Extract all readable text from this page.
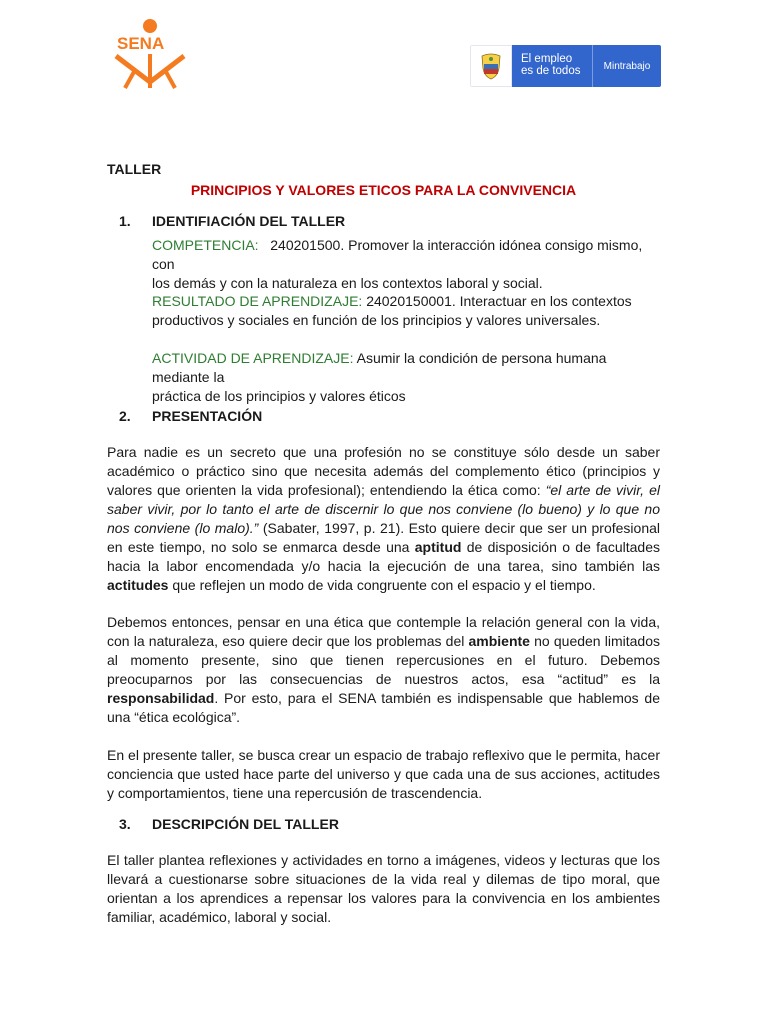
SENA
El empleo
es de todos	Mintrabajo
TALLER
PRINCIPIOS Y VALORES ETICOS PARA LA CONVIVENCIA
1. IDENTIFIACIÓN DEL TALLER
COMPETENCIA: 240201500. Promover la interacción idónea consigo mismo, con
los demás y con la naturaleza en los contextos laboral y social.
RESULTADO DE APRENDIZAJE: 24020150001. Interactuar en los contextos
productivos y sociales en función de los principios y valores universales.
ACTIVIDAD DE APRENDIZAJE: Asumir la condición de persona humana mediante la
práctica de los principios y valores éticos
2. PRESENTACIÓN
Para nadie es un secreto que una profesión no se constituye sólo desde un saber académico o práctico sino que necesita además del complemento ético (principios y valores que orienten la vida profesional); entendiendo la ética como: “el arte de vivir, el saber vivir, por lo tanto el arte de discernir lo que nos conviene (lo bueno) y lo que no nos conviene (lo malo).” (Sabater, 1997, p. 21). Esto quiere decir que ser un profesional en este tiempo, no solo se enmarca desde una aptitud de disposición o de facultades hacia la labor encomendada y/o hacia la ejecución de una tarea, sino también las actitudes que reflejen un modo de vida congruente con el espacio y el tiempo.
Debemos entonces, pensar en una ética que contemple la relación general con la vida, con la naturaleza, eso quiere decir que los problemas del ambiente no queden limitados al momento presente, sino que tienen repercusiones en el futuro. Debemos preocuparnos por las consecuencias de nuestros actos, esa “actitud” es la responsabilidad. Por esto, para el SENA también es indispensable que hablemos de una “ética ecológica”.
En el presente taller, se busca crear un espacio de trabajo reflexivo que le permita, hacer conciencia que usted hace parte del universo y que cada una de sus acciones, actitudes y comportamientos, tiene una repercusión de trascendencia.
3. DESCRIPCIÓN DEL TALLER
El taller plantea reflexiones y actividades en torno a imágenes, videos y lecturas que los llevará a cuestionarse sobre situaciones de la vida real y dilemas de tipo moral, que orientan a los aprendices a repensar los valores para la convivencia en los ambientes familiar, académico, laboral y social.
